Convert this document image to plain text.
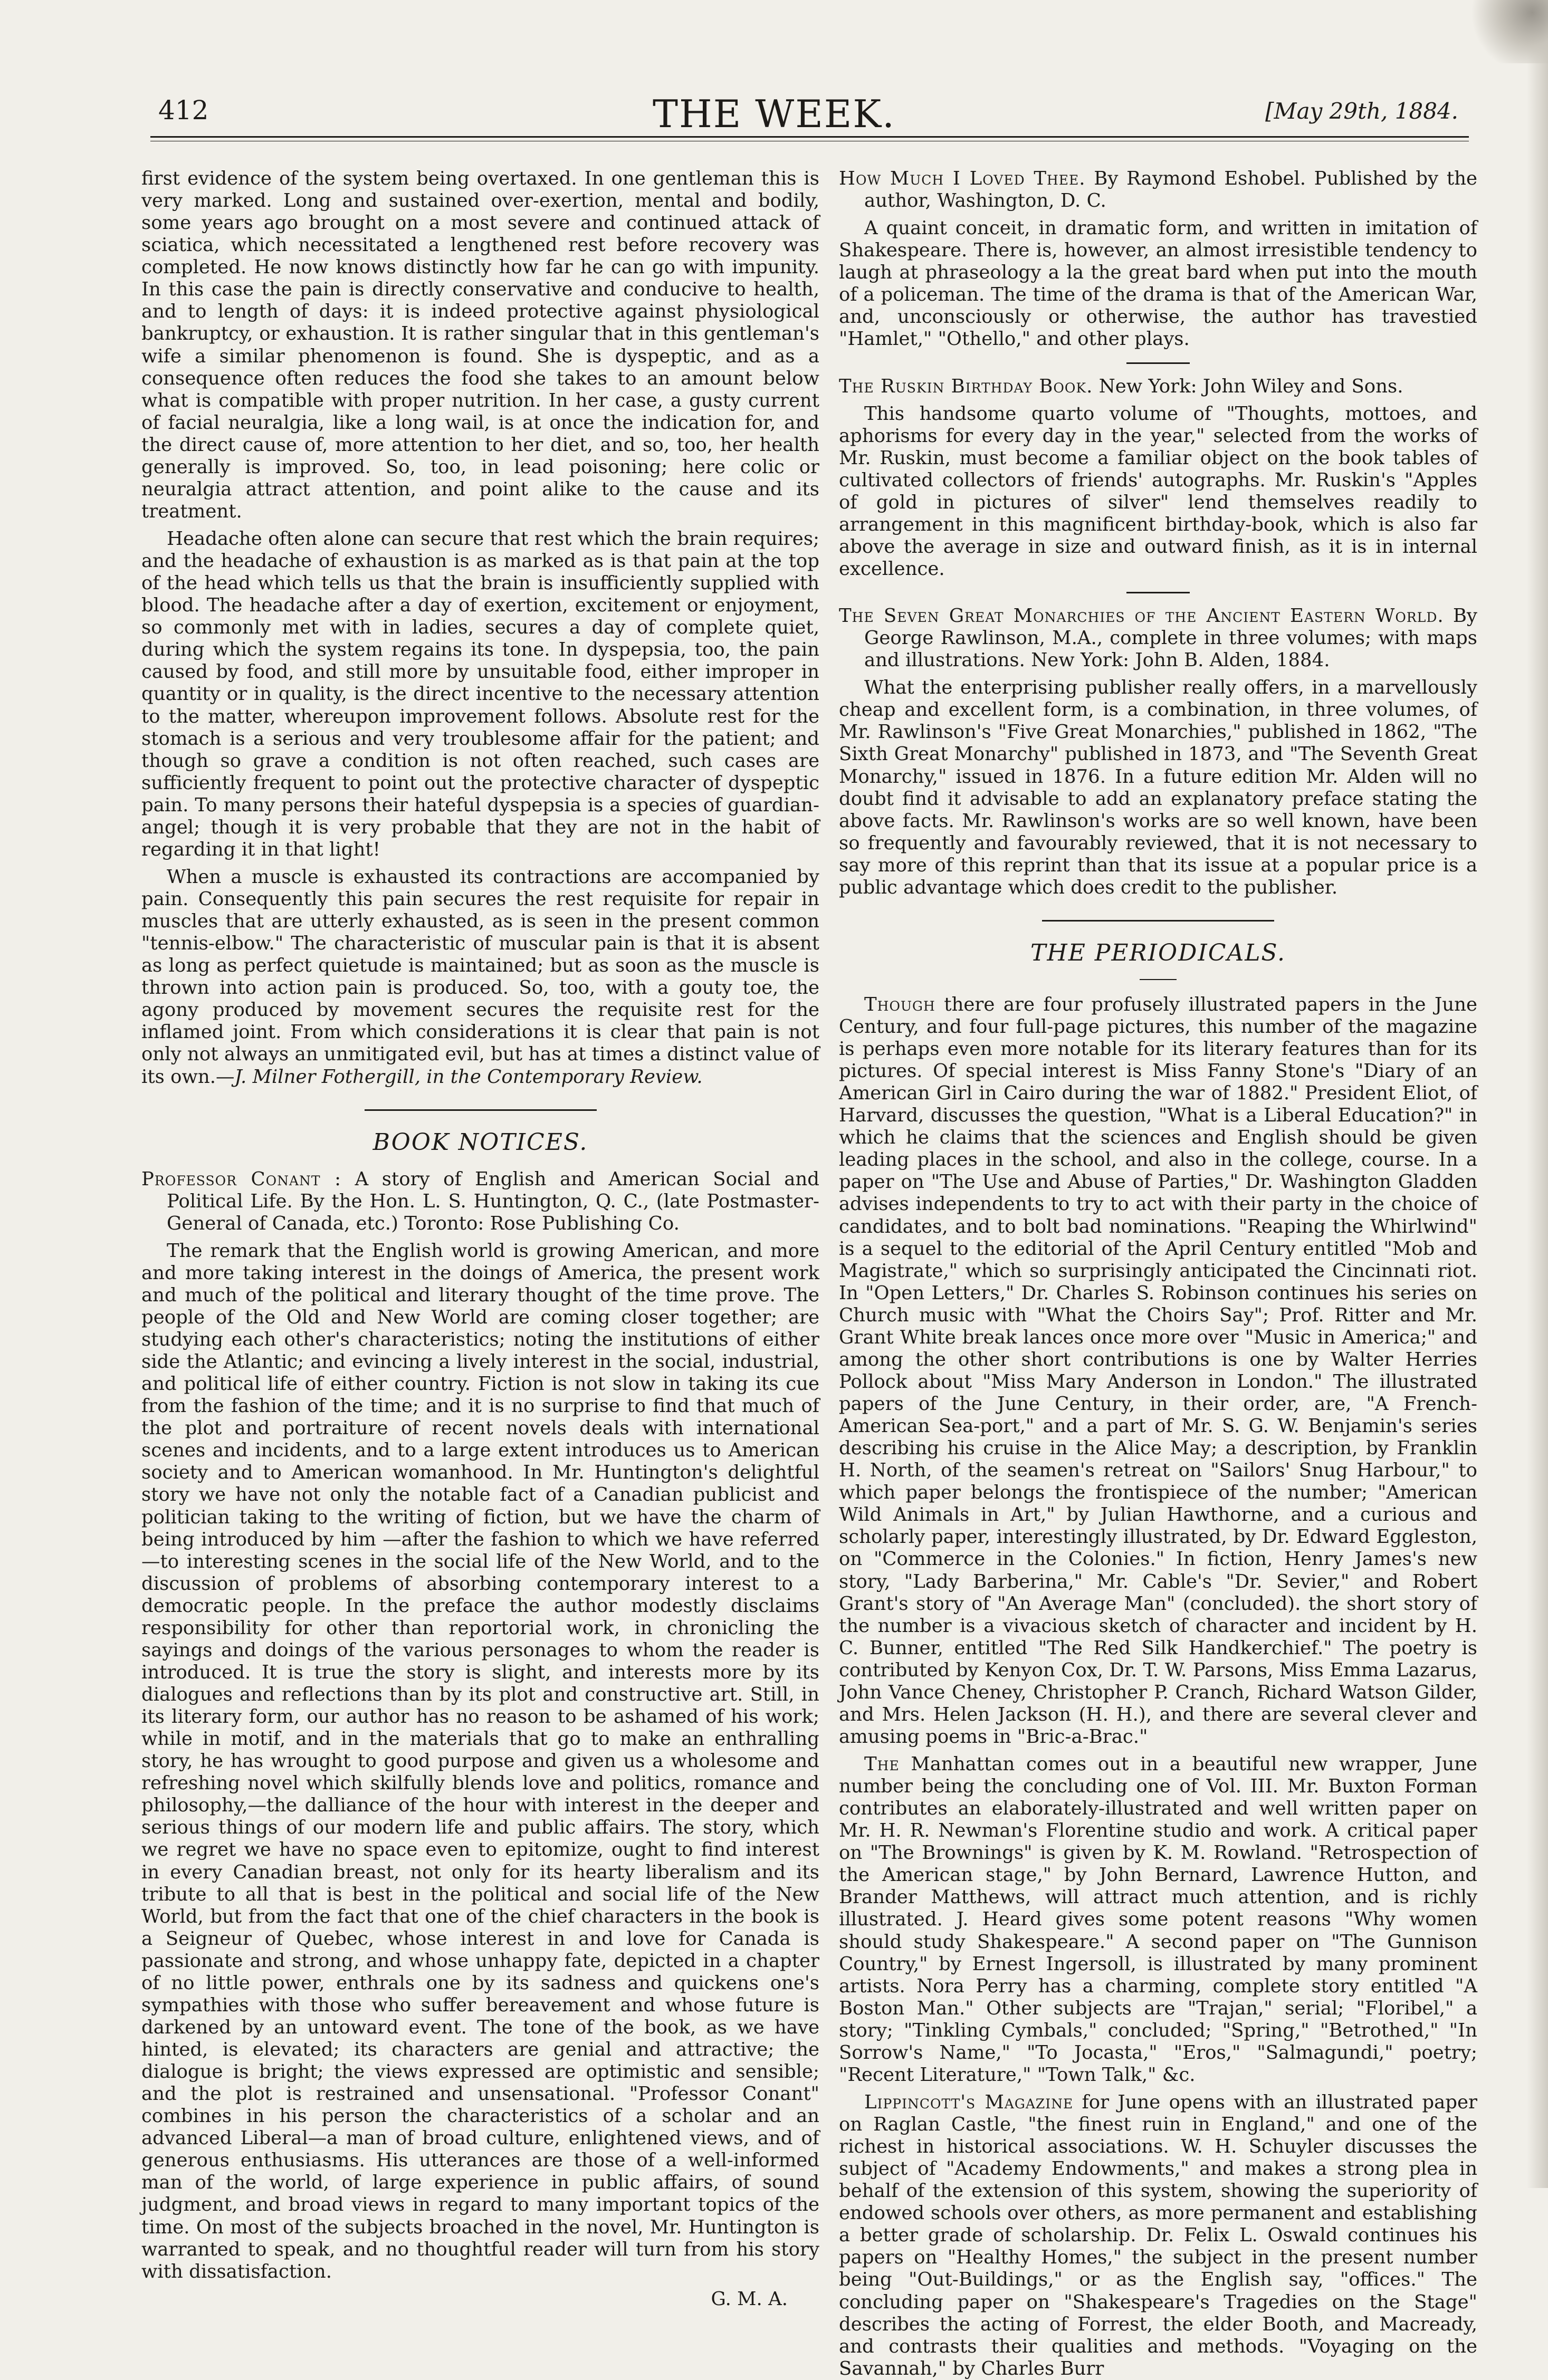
412	THE WEEK.	[May 29th, 1884.

first evidence of the system being overtaxed. In one gentleman this is very marked. Long and sustained over-exertion, mental and bodily, some years ago brought on a most severe and continued attack of sciatica, which necessitated a lengthened rest before recovery was completed. He now knows distinctly how far he can go with impunity. In this case the pain is directly conservative and conducive to health, and to length of days: it is indeed protective against physiological bankruptcy, or exhaustion. It is rather singular that in this gentleman's wife a similar phenomenon is found. She is dyspeptic, and as a consequence often reduces the food she takes to an amount below what is compatible with proper nutrition. In her case, a gusty current of facial neuralgia, like a long wail, is at once the indication for, and the direct cause of, more attention to her diet, and so, too, her health generally is improved. So, too, in lead poisoning; here colic or neuralgia attract attention, and point alike to the cause and its treatment.

Headache often alone can secure that rest which the brain requires; and the headache of exhaustion is as marked as is that pain at the top of the head which tells us that the brain is insufficiently supplied with blood. The headache after a day of exertion, excitement or enjoyment, so commonly met with in ladies, secures a day of complete quiet, during which the system regains its tone. In dyspepsia, too, the pain caused by food, and still more by unsuitable food, either improper in quantity or in quality, is the direct incentive to the necessary attention to the matter, whereupon improvement follows. Absolute rest for the stomach is a serious and very troublesome affair for the patient; and though so grave a condition is not often reached, such cases are sufficiently frequent to point out the protective character of dyspeptic pain. To many persons their hateful dyspepsia is a species of guardian-angel; though it is very probable that they are not in the habit of regarding it in that light!

When a muscle is exhausted its contractions are accompanied by pain. Consequently this pain secures the rest requisite for repair in muscles that are utterly exhausted, as is seen in the present common "tennis-elbow." The characteristic of muscular pain is that it is absent as long as perfect quietude is maintained; but as soon as the muscle is thrown into action pain is produced. So, too, with a gouty toe, the agony produced by movement secures the requisite rest for the inflamed joint. From which considerations it is clear that pain is not only not always an unmitigated evil, but has at times a distinct value of its own.—J. Milner Fothergill, in the Contemporary Review.

BOOK NOTICES.
Professor Conant : A story of English and American Social and Political Life. By the Hon. L. S. Huntington, Q. C., (late Postmaster-General of Canada, etc.) Toronto: Rose Publishing Co.

The remark that the English world is growing American, and more and more taking interest in the doings of America, the present work and much of the political and literary thought of the time prove. The people of the Old and New World are coming closer together; are studying each other's characteristics; noting the institutions of either side the Atlantic; and evincing a lively interest in the social, industrial, and political life of either country. Fiction is not slow in taking its cue from the fashion of the time; and it is no surprise to find that much of the plot and portraiture of recent novels deals with international scenes and incidents, and to a large extent introduces us to American society and to American womanhood. In Mr. Huntington's delightful story we have not only the notable fact of a Canadian publicist and politician taking to the writing of fiction, but we have the charm of being introduced by him —after the fashion to which we have referred—to interesting scenes in the social life of the New World, and to the discussion of problems of absorbing contemporary interest to a democratic people. In the preface the author modestly disclaims responsibility for other than reportorial work, in chronicling the sayings and doings of the various personages to whom the reader is introduced. It is true the story is slight, and interests more by its dialogues and reflections than by its plot and constructive art. Still, in its literary form, our author has no reason to be ashamed of his work; while in motif, and in the materials that go to make an enthralling story, he has wrought to good purpose and given us a wholesome and refreshing novel which skilfully blends love and politics, romance and philosophy,—the dalliance of the hour with interest in the deeper and serious things of our modern life and public affairs. The story, which we regret we have no space even to epitomize, ought to find interest in every Canadian breast, not only for its hearty liberalism and its tribute to all that is best in the political and social life of the New World, but from the fact that one of the chief characters in the book is a Seigneur of Quebec, whose interest in and love for Canada is passionate and strong, and whose unhappy fate, depicted in a chapter of no little power, enthrals one by its sadness and quickens one's sympathies with those who suffer bereavement and whose future is darkened by an untoward event. The tone of the book, as we have hinted, is elevated; its characters are genial and attractive; the dialogue is bright; the views expressed are optimistic and sensible; and the plot is restrained and unsensational. "Professor Conant" combines in his person the characteristics of a scholar and an advanced Liberal—a man of broad culture, enlightened views, and of generous enthusiasms. His utterances are those of a well-informed man of the world, of large experience in public affairs, of sound judgment, and broad views in regard to many important topics of the time. On most of the subjects broached in the novel, Mr. Huntington is warranted to speak, and no thoughtful reader will turn from his story with dissatisfaction.

G. M. A.
How Much I Loved Thee. By Raymond Eshobel. Published by the author, Washington, D. C.

A quaint conceit, in dramatic form, and written in imitation of Shakespeare. There is, however, an almost irresistible tendency to laugh at phraseology a la the great bard when put into the mouth of a policeman. The time of the drama is that of the American War, and, unconsciously or otherwise, the author has travestied "Hamlet," "Othello," and other plays.

The Ruskin Birthday Book. New York: John Wiley and Sons.

This handsome quarto volume of "Thoughts, mottoes, and aphorisms for every day in the year," selected from the works of Mr. Ruskin, must become a familiar object on the book tables of cultivated collectors of friends' autographs. Mr. Ruskin's "Apples of gold in pictures of silver" lend themselves readily to arrangement in this magnificent birthday-book, which is also far above the average in size and outward finish, as it is in internal excellence.

The Seven Great Monarchies of the Ancient Eastern World. By George Rawlinson, M.A., complete in three volumes; with maps and illustrations. New York: John B. Alden, 1884.

What the enterprising publisher really offers, in a marvellously cheap and excellent form, is a combination, in three volumes, of Mr. Rawlinson's "Five Great Monarchies," published in 1862, "The Sixth Great Monarchy" published in 1873, and "The Seventh Great Monarchy," issued in 1876. In a future edition Mr. Alden will no doubt find it advisable to add an explanatory preface stating the above facts. Mr. Rawlinson's works are so well known, have been so frequently and favourably reviewed, that it is not necessary to say more of this reprint than that its issue at a popular price is a public advantage which does credit to the publisher.

THE PERIODICALS.

Though there are four profusely illustrated papers in the June Century, and four full-page pictures, this number of the magazine is perhaps even more notable for its literary features than for its pictures. Of special interest is Miss Fanny Stone's "Diary of an American Girl in Cairo during the war of 1882." President Eliot, of Harvard, discusses the question, "What is a Liberal Education?" in which he claims that the sciences and English should be given leading places in the school, and also in the college, course. In a paper on "The Use and Abuse of Parties," Dr. Washington Gladden advises independents to try to act with their party in the choice of candidates, and to bolt bad nominations. "Reaping the Whirlwind" is a sequel to the editorial of the April Century entitled "Mob and Magistrate," which so surprisingly anticipated the Cincinnati riot. In "Open Letters," Dr. Charles S. Robinson continues his series on Church music with "What the Choirs Say"; Prof. Ritter and Mr. Grant White break lances once more over "Music in America;" and among the other short contributions is one by Walter Herries Pollock about "Miss Mary Anderson in London." The illustrated papers of the June Century, in their order, are, "A French-American Sea-port," and a part of Mr. S. G. W. Benjamin's series describing his cruise in the Alice May; a description, by Franklin H. North, of the seamen's retreat on "Sailors' Snug Harbour," to which paper belongs the frontispiece of the number; "American Wild Animals in Art," by Julian Hawthorne, and a curious and scholarly paper, interestingly illustrated, by Dr. Edward Eggleston, on "Commerce in the Colonies." In fiction, Henry James's new story, "Lady Barberina," Mr. Cable's "Dr. Sevier," and Robert Grant's story of "An Average Man" (concluded). the short story of the number is a vivacious sketch of character and incident by H. C. Bunner, entitled "The Red Silk Handkerchief." The poetry is contributed by Kenyon Cox, Dr. T. W. Parsons, Miss Emma Lazarus, John Vance Cheney, Christopher P. Cranch, Richard Watson Gilder, and Mrs. Helen Jackson (H. H.), and there are several clever and amusing poems in "Bric-a-Brac."

The Manhattan comes out in a beautiful new wrapper, June number being the concluding one of Vol. III. Mr. Buxton Forman contributes an elaborately-illustrated and well written paper on Mr. H. R. Newman's Florentine studio and work. A critical paper on "The Brownings" is given by K. M. Rowland. "Retrospection of the American stage," by John Bernard, Lawrence Hutton, and Brander Matthews, will attract much attention, and is richly illustrated. J. Heard gives some potent reasons "Why women should study Shakespeare." A second paper on "The Gunnison Country," by Ernest Ingersoll, is illustrated by many prominent artists. Nora Perry has a charming, complete story entitled "A Boston Man." Other subjects are "Trajan," serial; "Floribel," a story; "Tinkling Cymbals," concluded; "Spring," "Betrothed," "In Sorrow's Name," "To Jocasta," "Eros," "Salmagundi," poetry; "Recent Literature," "Town Talk," &c.

Lippincott's Magazine for June opens with an illustrated paper on Raglan Castle, "the finest ruin in England," and one of the richest in historical associations. W. H. Schuyler discusses the subject of "Academy Endowments," and makes a strong plea in behalf of the extension of this system, showing the superiority of endowed schools over others, as more permanent and establishing a better grade of scholarship. Dr. Felix L. Oswald continues his papers on "Healthy Homes," the subject in the present number being "Out-Buildings," or as the English say, "offices." The concluding paper on "Shakespeare's Tragedies on the Stage" describes the acting of Forrest, the elder Booth, and Macready, and contrasts their qualities and methods. "Voyaging on the Savannah," by Charles Burr
